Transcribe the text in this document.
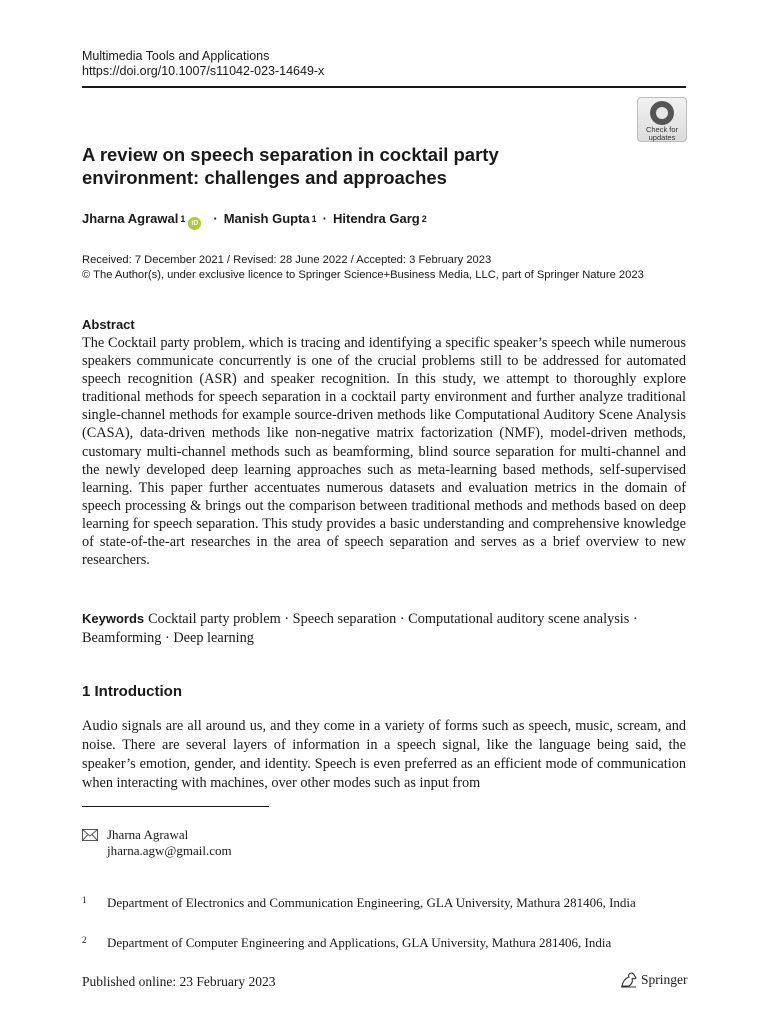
Multimedia Tools and Applications
https://doi.org/10.1007/s11042-023-14649-x
Check for
updates
A review on speech separation in cocktail party
environment: challenges and approaches
Jharna Agrawal$^1$ iD · Manish Gupta$^1$ · Hitendra Garg$^2$
Received: 7 December 2021 / Revised: 28 June 2022 / Accepted: 3 February 2023
© The Author(s), under exclusive licence to Springer Science+Business Media, LLC, part of Springer Nature 2023
Abstract
The Cocktail party problem, which is tracing and identifying a specific speaker’s speech while numerous speakers communicate concurrently is one of the crucial problems still to be addressed for automated speech recognition (ASR) and speaker recognition. In this study, we attempt to thoroughly explore traditional methods for speech separation in a cocktail party environment and further analyze traditional single-channel methods for example source-driven methods like Computational Auditory Scene Analysis (CASA), data-driven methods like non-negative matrix factorization (NMF), model-driven methods, customary multi-channel methods such as beamforming, blind source separation for multi-channel and the newly developed deep learning approaches such as meta-learning based methods, self-supervised learning. This paper further accentuates numerous datasets and evaluation metrics in the domain of speech processing & brings out the comparison between traditional methods and methods based on deep learning for speech separation. This study provides a basic understanding and comprehensive knowledge of state-of-the-art researches in the area of speech separation and serves as a brief overview to new researchers.
Keywords Cocktail party problem · Speech separation · Computational auditory scene analysis · Beamforming · Deep learning
1 Introduction
Audio signals are all around us, and they come in a variety of forms such as speech, music, scream, and noise. There are several layers of information in a speech signal, like the language being said, the speaker’s emotion, gender, and identity. Speech is even preferred as an efficient mode of communication when interacting with machines, over other modes such as input from
Jharna Agrawal
jharna.agw@gmail.com
1 Department of Electronics and Communication Engineering, GLA University, Mathura 281406, India
2 Department of Computer Engineering and Applications, GLA University, Mathura 281406, India
Published online: 23 February 2023	Springer
